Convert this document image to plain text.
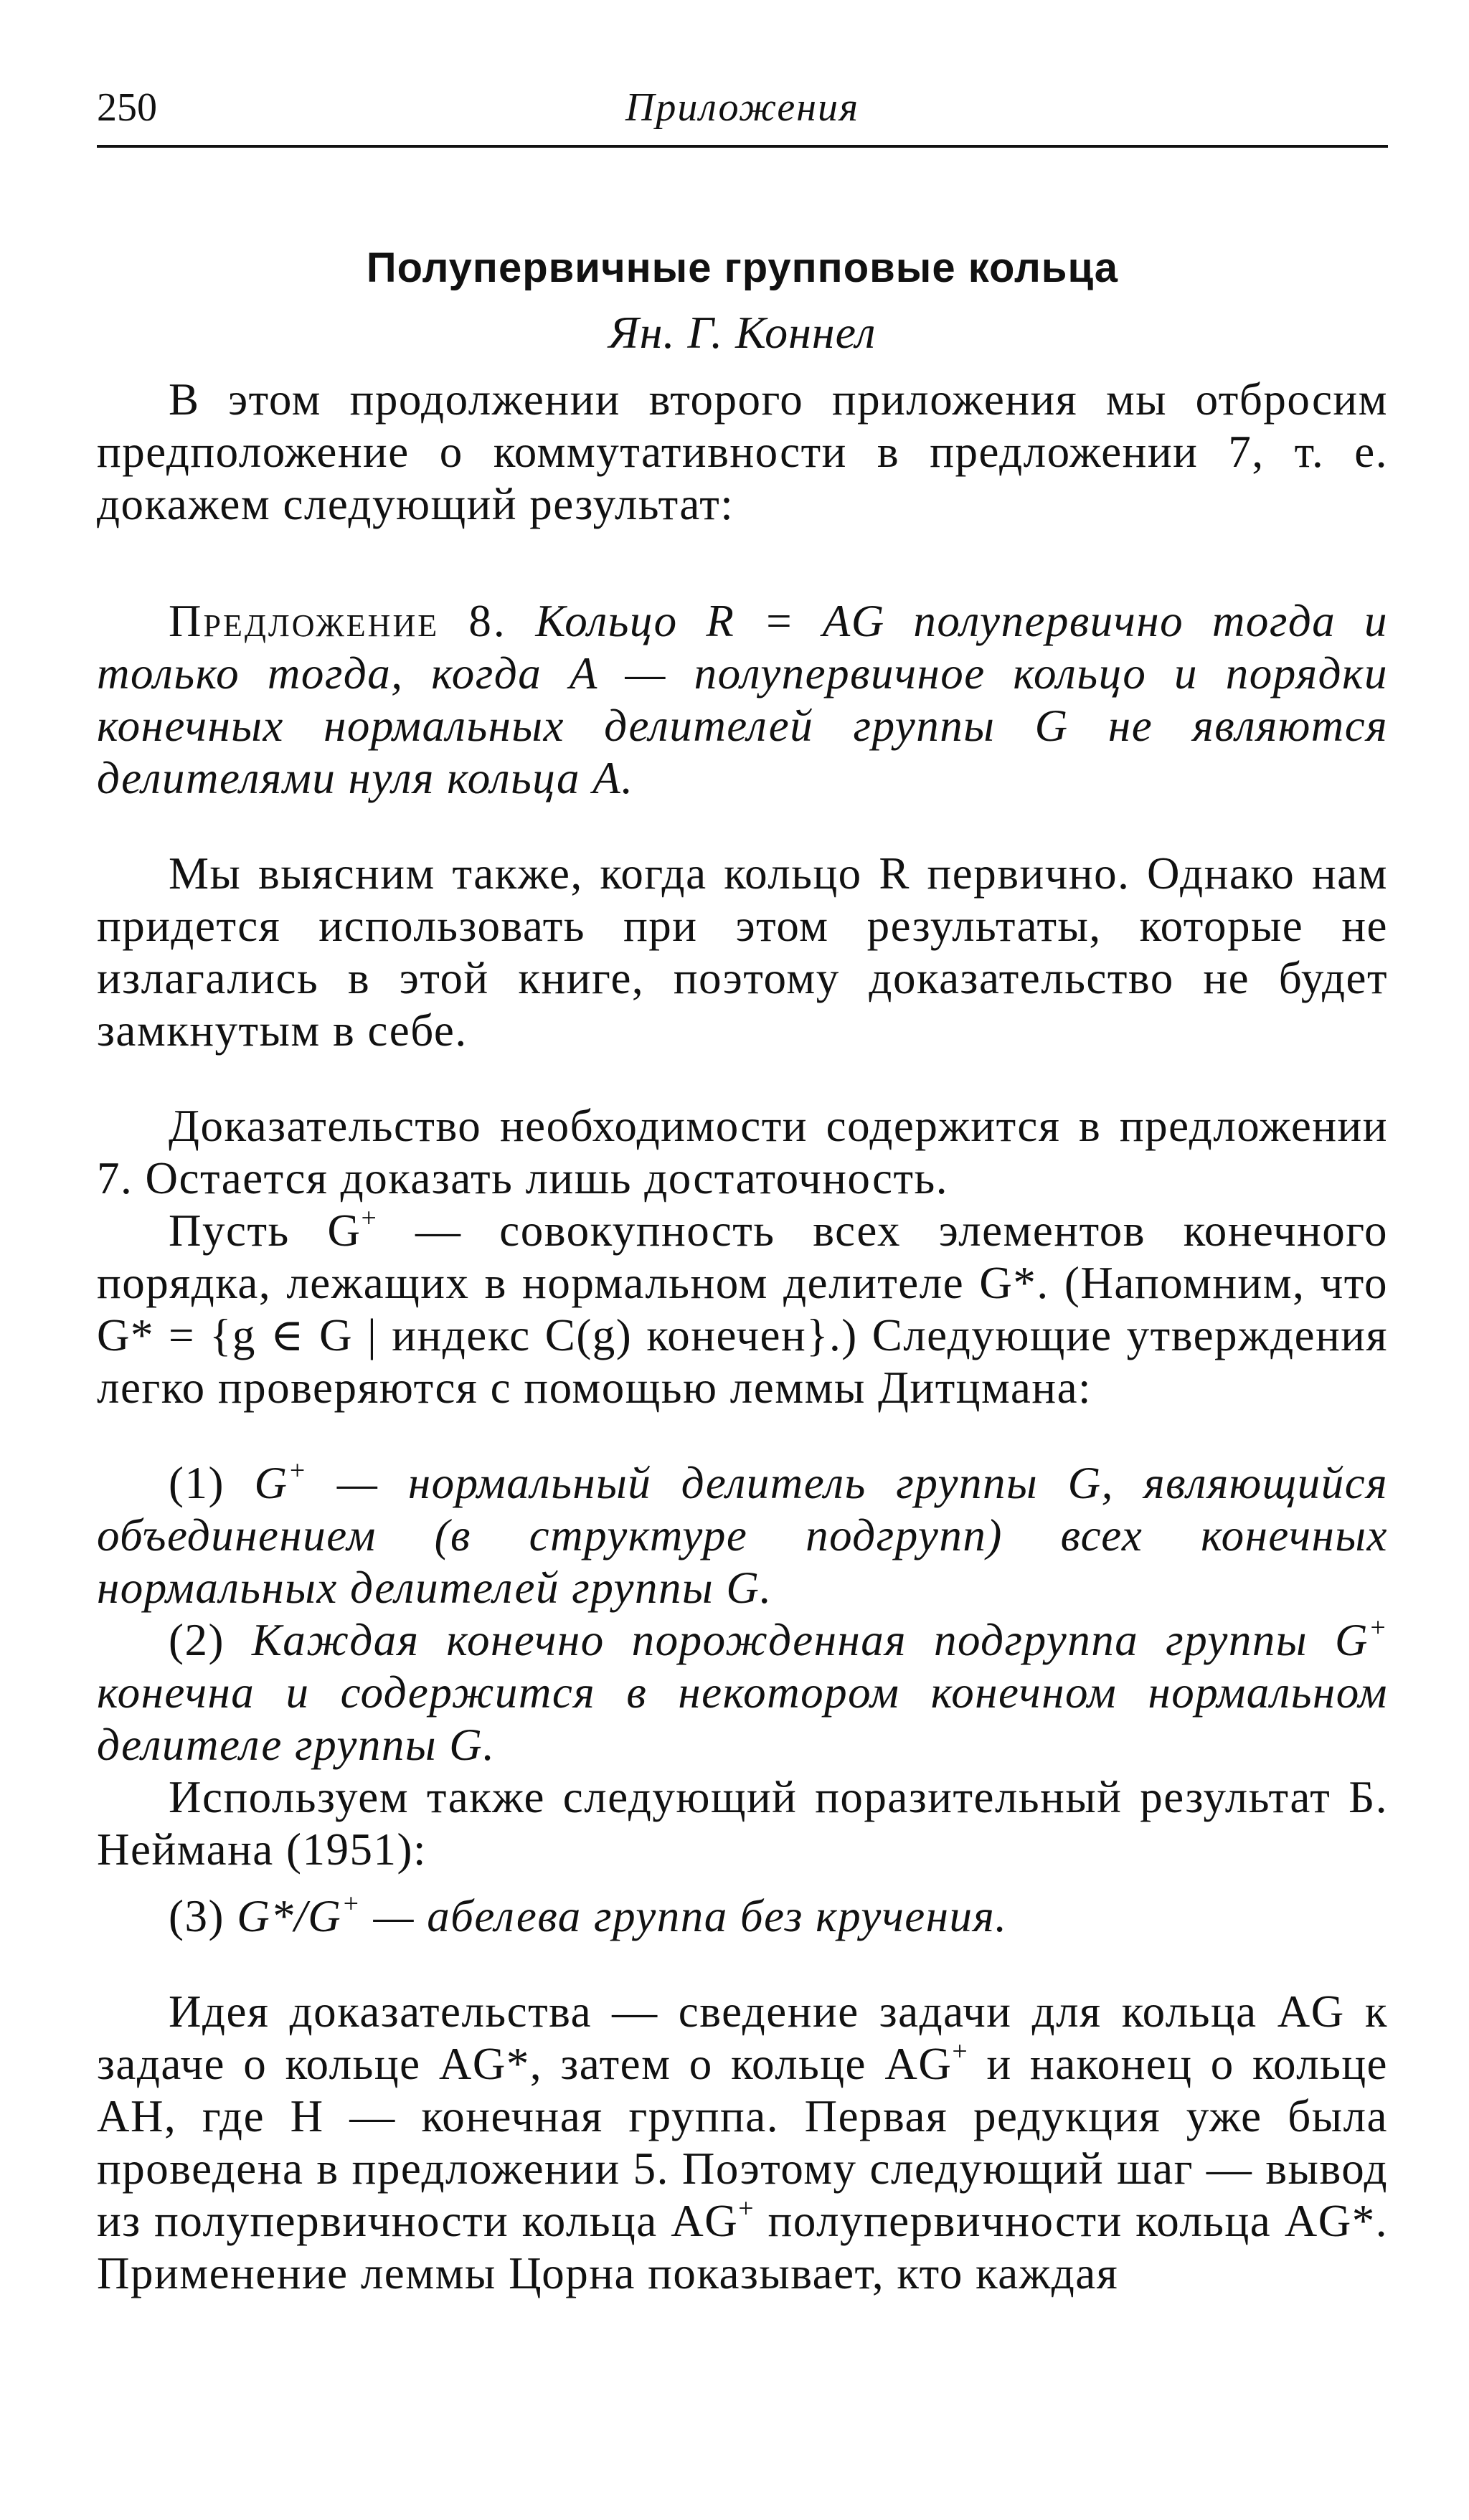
250	Приложения
Полупервичные групповые кольца
Ян. Г. Коннел

В этом продолжении второго приложения мы отбросим предположение о коммутативности в предложении 7, т. е. докажем следующий результат:

Предложение 8. Кольцо R = AG полупервично тогда и только тогда, когда A — полупервичное кольцо и порядки конечных нормальных делителей группы G не являются делителями нуля кольца A.

Мы выясним также, когда кольцо R первично. Однако нам придется использовать при этом результаты, которые не излагались в этой книге, поэтому доказательство не будет замкнутым в себе.

Доказательство необходимости содержится в предложении 7. Остается доказать лишь достаточность.

Пусть G+ — совокупность всех элементов конечного порядка, лежащих в нормальном делителе G*. (Напомним, что G* = {g ∈ G | индекс C(g) конечен}.) Следующие утверждения легко проверяются с помощью леммы Дитцмана:

(1) G+ — нормальный делитель группы G, являющийся объединением (в структуре подгрупп) всех конечных нормальных делителей группы G.

(2) Каждая конечно порожденная подгруппа группы G+ конечна и содержится в некотором конечном нормальном делителе группы G.

Используем также следующий поразительный результат Б. Неймана (1951):

(3) G*/G+ — абелева группа без кручения.

Идея доказательства — сведение задачи для кольца AG к задаче о кольце AG*, затем о кольце AG+ и наконец о кольце AH, где H — конечная группа. Первая редукция уже была проведена в предложении 5. Поэтому следующий шаг — вывод из полупервичности кольца AG+ полупервичности кольца AG*. Применение леммы Цорна показывает, кто каждая
